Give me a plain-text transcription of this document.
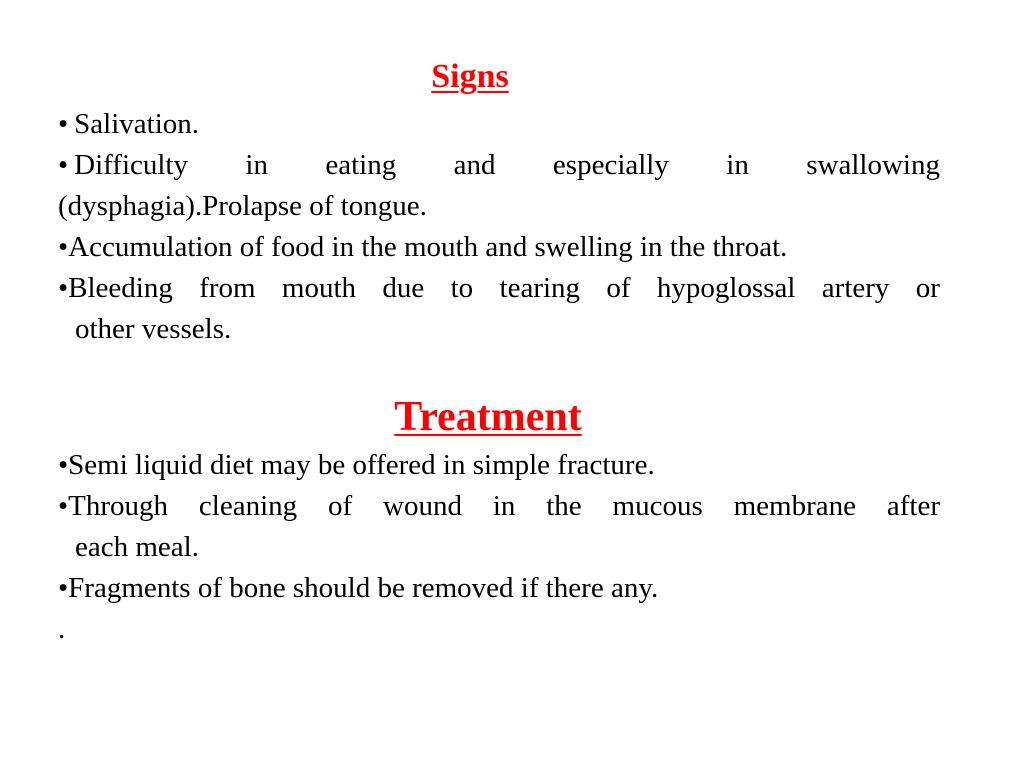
Signs
• Salivation.
• Difficulty in eating and especially in swallowing
(dysphagia).Prolapse of tongue.
•Accumulation of food in the mouth and swelling in the throat.
•Bleeding from mouth due to tearing of hypoglossal artery or
other vessels.
Treatment
•Semi liquid diet may be offered in simple fracture.
•Through cleaning of wound in the mucous membrane after
each meal.
•Fragments of bone should be removed if there any.
.
